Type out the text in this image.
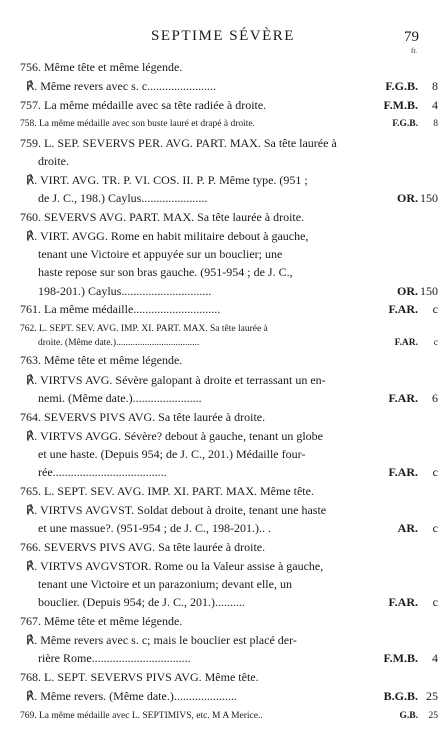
SEPTIME SÉVÈRE	79
fr.
756. Même tête et même légende.
℟. Même revers avec s. c.......................	F.G.B. 8
757. La même médaille avec sa tête radiée à droite.	F.M.B. 4
758. La même médaille avec son buste lauré et drapé à droite.	F.G.B. 8
759. L. SEP. SEVERVS PER. AVG. PART. MAX. Sa tête laurée à
droite.
℟. VIRT. AVG. TR. P. VI. COS. II. P. P. Même type. (951 ;
de J. C., 198.) Caylus......................	OR. 150
760. SEVERVS AVG. PART. MAX. Sa tête laurée à droite.
℟. VIRT. AVGG. Rome en habit militaire debout à gauche,
tenant une Victoire et appuyée sur un bouclier; une
haste repose sur son bras gauche. (951-954 ; de J. C.,
198-201.) Caylus..............................	OR. 150
761. La même médaille.............................	F.AR. c
762. L. SEPT. SEV. AVG. IMP. XI. PART. MAX. Sa tête laurée à
droite. (Même date.)...................................	F.AR. c
763. Même tête et même légende.
℟. VIRTVS AVG. Sévère galopant à droite et terrassant un en-
nemi. (Même date.).......................	F.AR. 6
764. SEVERVS PIVS AVG. Sa tête laurée à droite.
℟. VIRTVS AVGG. Sévère? debout à gauche, tenant un globe
et une haste. (Depuis 954; de J. C., 201.) Médaille four-
rée......................................	F.AR. c
765. L. SEPT. SEV. AVG. IMP. XI. PART. MAX. Même tête.
℟. VIRTVS AVGVST. Soldat debout à droite, tenant une haste
et une massue?. (951-954 ; de J. C., 198-201.).. .	AR. c
766. SEVERVS PIVS AVG. Sa tête laurée à droite.
℟. VIRTVS AVGVSTOR. Rome ou la Valeur assise à gauche,
tenant une Victoire et un parazonium; devant elle, un
bouclier. (Depuis 954; de J. C., 201.)..........	F.AR. c
767. Même tête et même légende.
℟. Même revers avec s. c; mais le bouclier est placé der-
rière Rome.................................	F.M.B. 4
768. L. SEPT. SEVERVS PIVS AVG. Même tête.
℟. Même revers. (Même date.).....................	B.G.B. 25
769. La même médaille avec L. SEPTIMIVS, etc. M A Merice..	G.B. 25
